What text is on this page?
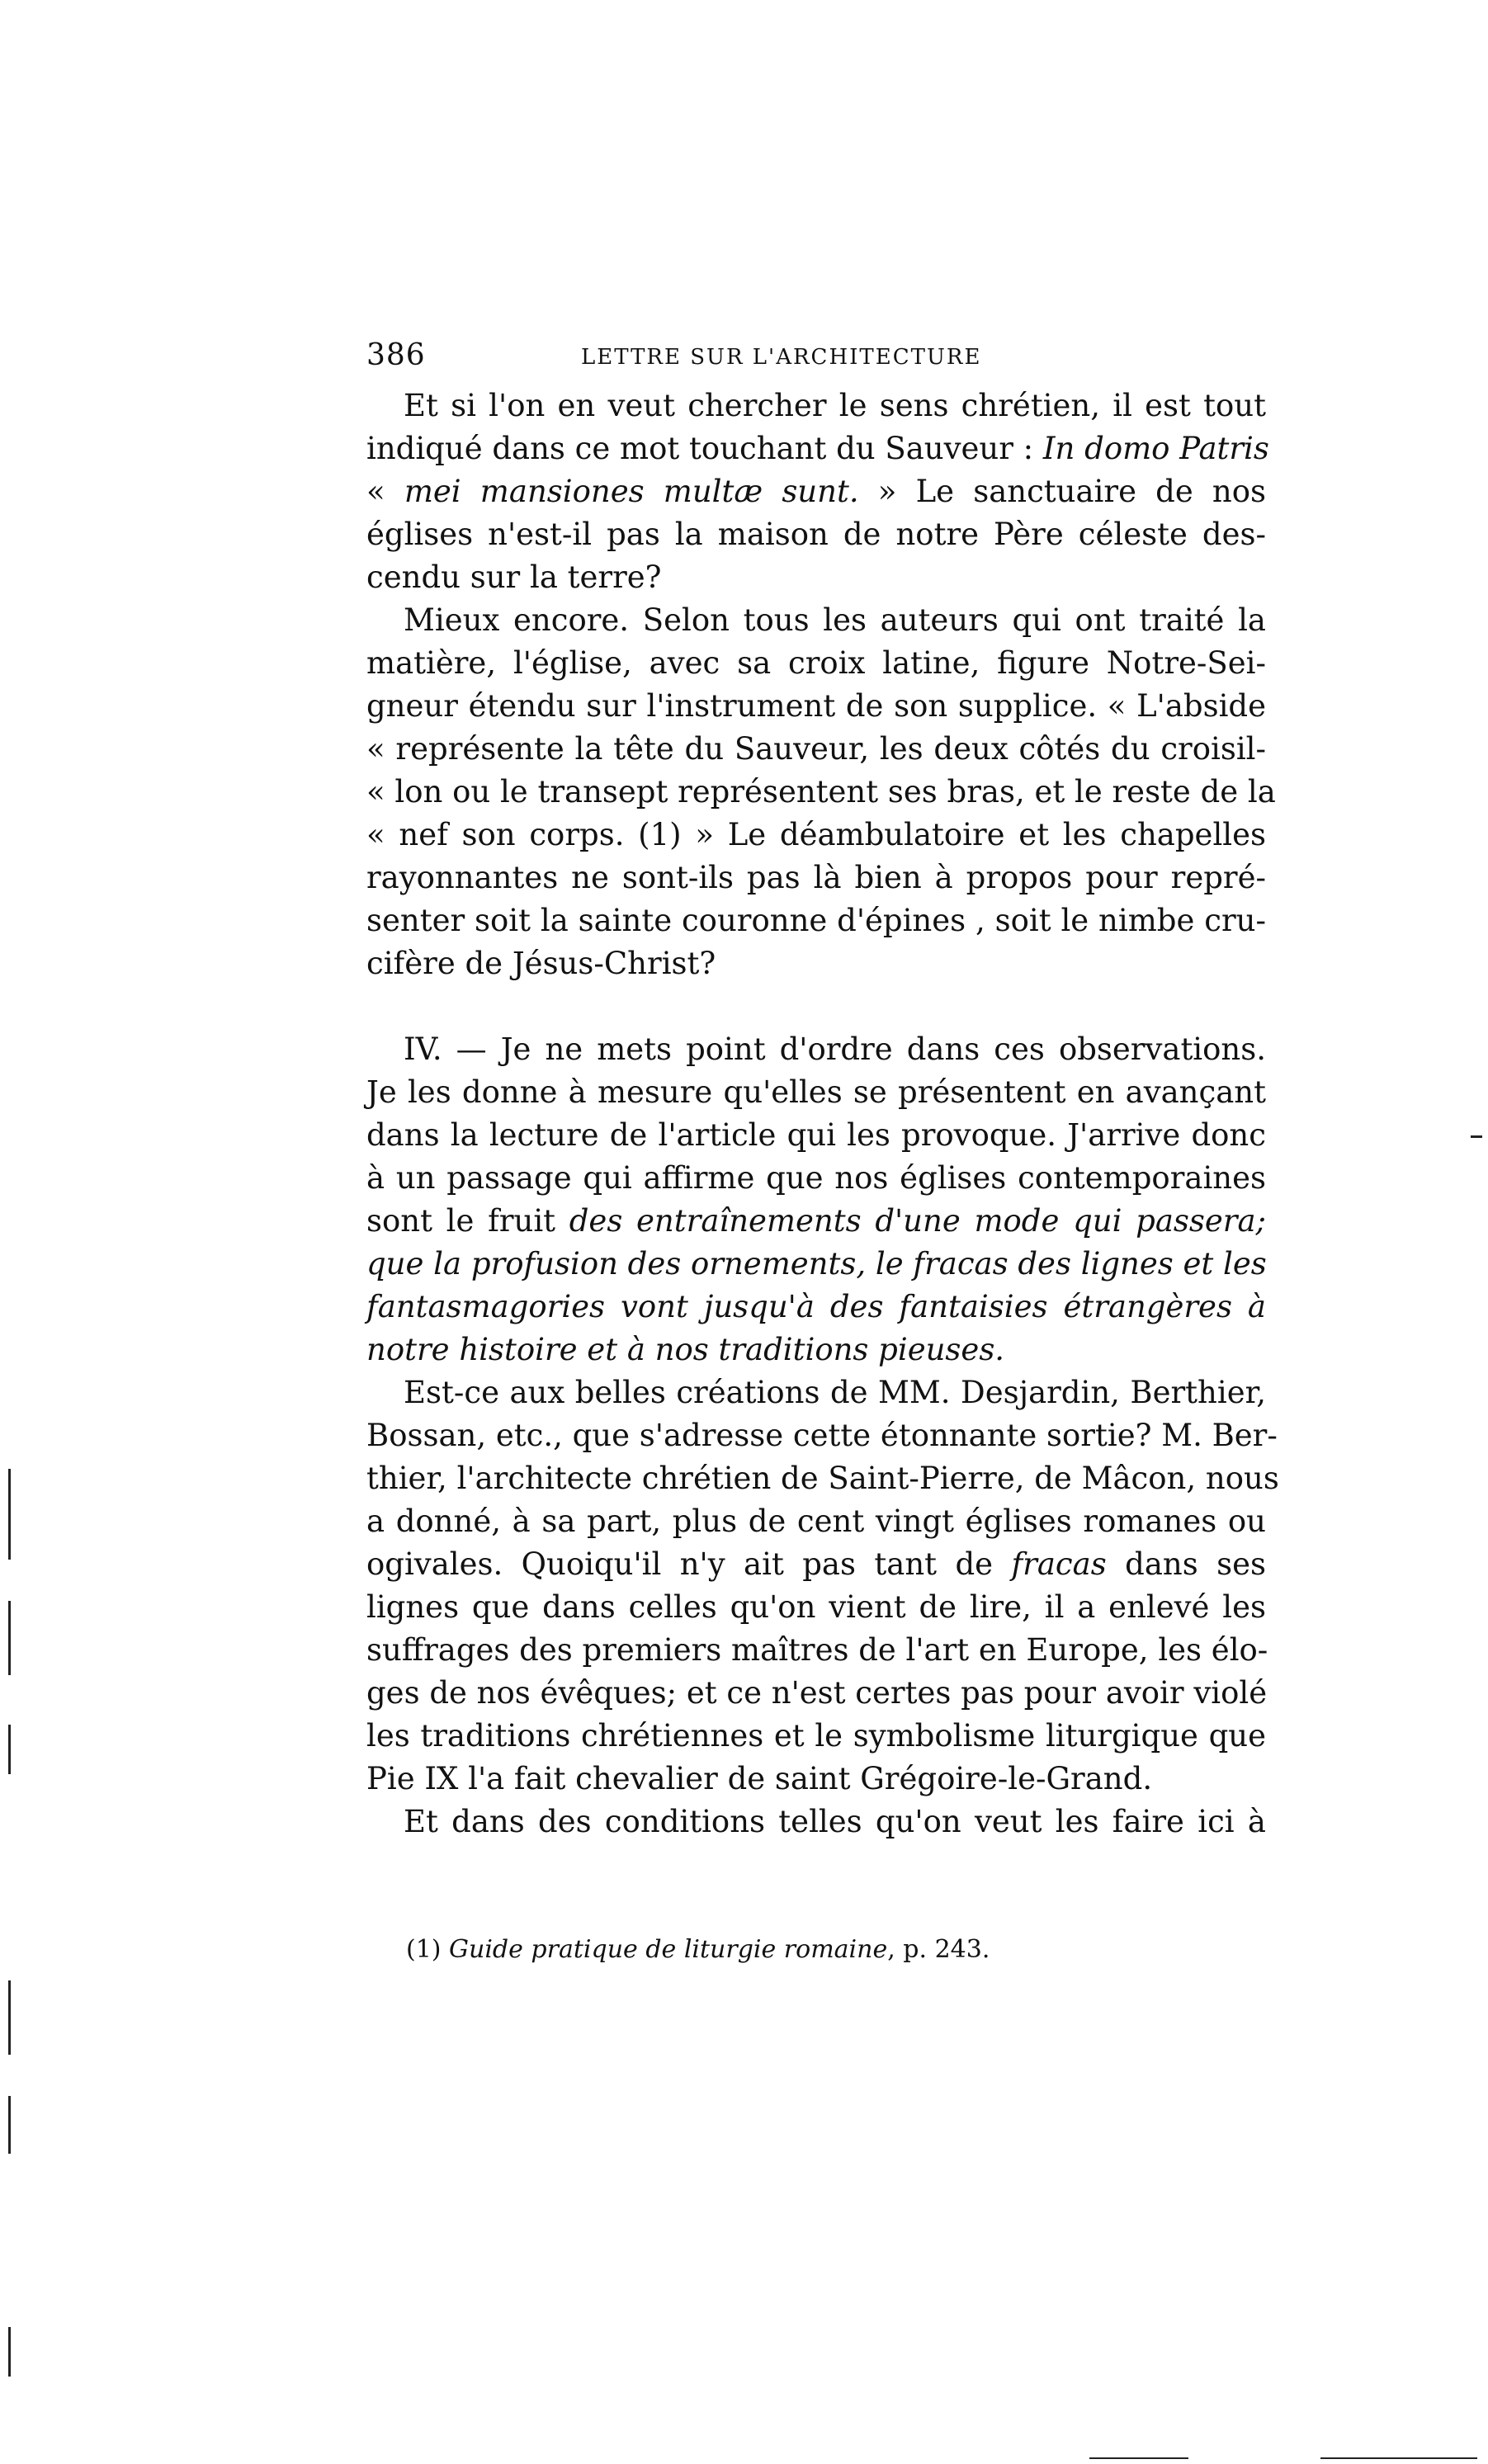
386	LETTRE SUR L'ARCHITECTURE
Et si l'on en veut chercher le sens chrétien, il est tout
indiqué dans ce mot touchant du Sauveur : In domo Patris
« mei mansiones multæ sunt. » Le sanctuaire de nos
églises n'est-il pas la maison de notre Père céleste des-
cendu sur la terre?
Mieux encore. Selon tous les auteurs qui ont traité la
matière, l'église, avec sa croix latine, figure Notre-Sei-
gneur étendu sur l'instrument de son supplice. « L'abside
« représente la tête du Sauveur, les deux côtés du croisil-
« lon ou le transept représentent ses bras, et le reste de la
« nef son corps. (1) » Le déambulatoire et les chapelles
rayonnantes ne sont-ils pas là bien à propos pour repré-
senter soit la sainte couronne d'épines , soit le nimbe cru-
cifère de Jésus-Christ?
IV. — Je ne mets point d'ordre dans ces observations.
Je les donne à mesure qu'elles se présentent en avançant
dans la lecture de l'article qui les provoque. J'arrive donc
à un passage qui affirme que nos églises contemporaines
sont le fruit des entraînements d'une mode qui passera;
que la profusion des ornements, le fracas des lignes et les
fantasmagories vont jusqu'à des fantaisies étrangères à
notre histoire et à nos traditions pieuses.
Est-ce aux belles créations de MM. Desjardin, Berthier,
Bossan, etc., que s'adresse cette étonnante sortie? M. Ber-
thier, l'architecte chrétien de Saint-Pierre, de Mâcon, nous
a donné, à sa part, plus de cent vingt églises romanes ou
ogivales. Quoiqu'il n'y ait pas tant de fracas dans ses
lignes que dans celles qu'on vient de lire, il a enlevé les
suffrages des premiers maîtres de l'art en Europe, les élo-
ges de nos évêques; et ce n'est certes pas pour avoir violé
les traditions chrétiennes et le symbolisme liturgique que
Pie IX l'a fait chevalier de saint Grégoire-le-Grand.
Et dans des conditions telles qu'on veut les faire ici à
(1) Guide pratique de liturgie romaine, p. 243.
